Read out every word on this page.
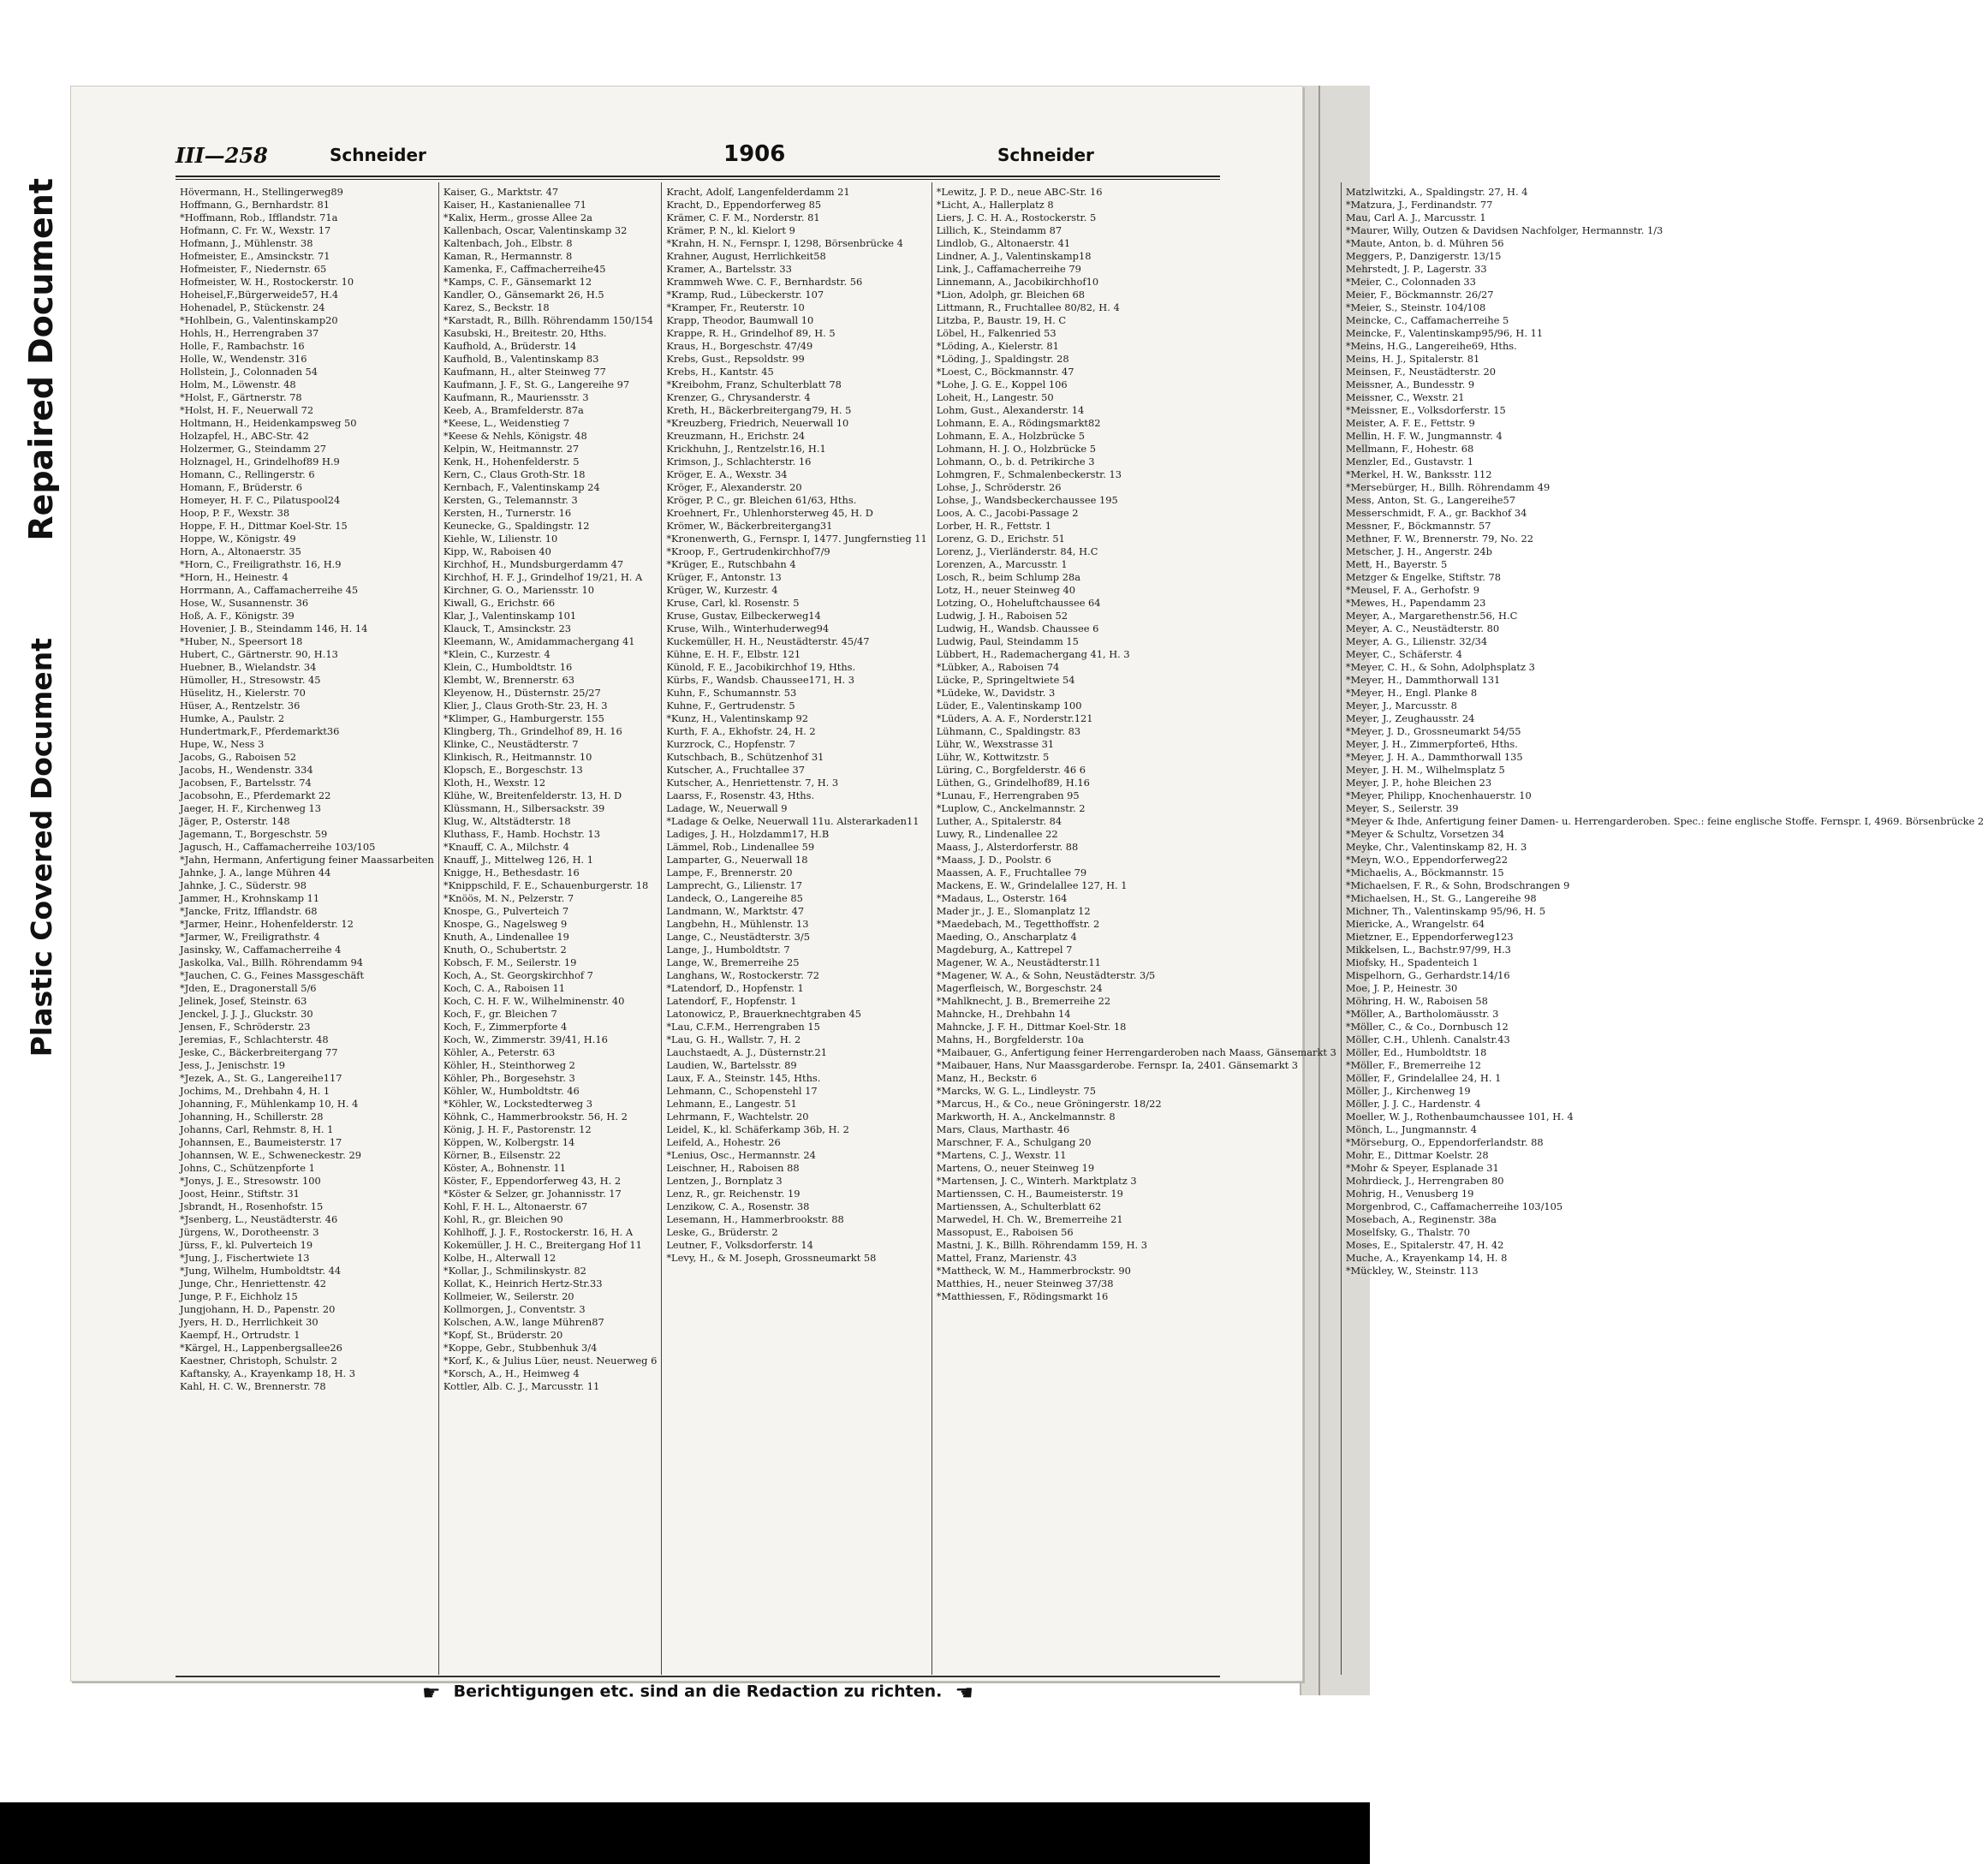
Repaired Document
Plastic Covered Document
III—258	Schneider	1906	Schneider
Hövermann, H., Stellingerweg89
Hoffmann, G., Bernhardstr. 81
*Hoffmann, Rob., Ifflandstr. 71a
Hofmann, C. Fr. W., Wexstr. 17
Hofmann, J., Mühlenstr. 38
Hofmeister, E., Amsinckstr. 71
Hofmeister, F., Niedernstr. 65
Hofmeister, W. H., Rostockerstr. 10
Hoheisel,F.,Bürgerweide57, H.4
Hohenadel, P., Stückenstr. 24
*Hohlbein, G., Valentinskamp20
Hohls, H., Herrengraben 37
Holle, F., Rambachstr. 16
Holle, W., Wendenstr. 316
Hollstein, J., Colonnaden 54
Holm, M., Löwenstr. 48
*Holst, F., Gärtnerstr. 78
*Holst, H. F., Neuerwall 72
Holtmann, H., Heidenkampsweg 50
Holzapfel, H., ABC-Str. 42
Holzermer, G., Steindamm 27
Holznagel, H., Grindelhof89 H.9
Homann, C., Rellingerstr. 6
Homann, F., Brüderstr. 6
Homeyer, H. F. C., Pilatuspool24
Hoop, P. F., Wexstr. 38
Hoppe, F. H., Dittmar Koel-Str. 15
Hoppe, W., Königstr. 49
Horn, A., Altonaerstr. 35
*Horn, C., Freiligrathstr. 16, H.9
*Horn, H., Heinestr. 4
Horrmann, A., Caffamacherreihe 45
Hose, W., Susannenstr. 36
Hoß, A. F., Königstr. 39
Hovenier, J. B., Steindamm 146, H. 14
*Huber, N., Speersort 18
Hubert, C., Gärtnerstr. 90, H.13
Huebner, B., Wielandstr. 34
Hümoller, H., Stresowstr. 45
Hüselitz, H., Kielerstr. 70
Hüser, A., Rentzelstr. 36
Humke, A., Paulstr. 2
Hundertmark,F., Pferdemarkt36
Hupe, W., Ness 3
Jacobs, G., Raboisen 52
Jacobs, H., Wendenstr. 334
Jacobsen, F., Bartelsstr. 74
Jacobsohn, E., Pferdemarkt 22
Jaeger, H. F., Kirchenweg 13
Jäger, P., Osterstr. 148
Jagemann, T., Borgeschstr. 59
Jagusch, H., Caffamacherreihe 103/105
*Jahn, Hermann, Anfertigung feiner Maassarbeiten
Jahnke, J. A., lange Mühren 44
Jahnke, J. C., Süderstr. 98
Jammer, H., Krohnskamp 11
*Jancke, Fritz, Ifflandstr. 68
*Jarmer, Heinr., Hohenfelderstr. 12
*Jarmer, W., Freiligrathstr. 4
Jasinsky, W., Caffamacherreihe 4
Jaskolka, Val., Billh. Röhrendamm 94
*Jauchen, C. G., Feines Massgeschäft
*Jden, E., Dragonerstall 5/6
Jelinek, Josef, Steinstr. 63
Jenckel, J. J. J., Gluckstr. 30
Jensen, F., Schröderstr. 23
Jeremias, F., Schlachterstr. 48
Jeske, C., Bäckerbreitergang 77
Jess, J., Jenischstr. 19
*Jezek, A., St. G., Langereihe117
Jochims, M., Drehbahn 4, H. 1
Johanning, F., Mühlenkamp 10, H. 4
Johanning, H., Schillerstr. 28
Johanns, Carl, Rehmstr. 8, H. 1
Johannsen, E., Baumeisterstr. 17
Johannsen, W. E., Schweneckestr. 29
Johns, C., Schützenpforte 1
*Jonys, J. E., Stresowstr. 100
Joost, Heinr., Stiftstr. 31
Jsbrandt, H., Rosenhofstr. 15
*Jsenberg, L., Neustädterstr. 46
Jürgens, W., Dorotheenstr. 3
Jürss, F., kl. Pulverteich 19
*Jung, J., Fischertwiete 13
*Jung, Wilhelm, Humboldtstr. 44
Junge, Chr., Henriettenstr. 42
Junge, P. F., Eichholz 15
Jungjohann, H. D., Papenstr. 20
Jyers, H. D., Herrlichkeit 30
Kaempf, H., Ortrudstr. 1
*Kärgel, H., Lappenbergsallee26
Kaestner, Christoph, Schulstr. 2
Kaftansky, A., Krayenkamp 18, H. 3
Kahl, H. C. W., Brennerstr. 78
Kaiser, G., Marktstr. 47
Kaiser, H., Kastanienallee 71
*Kalix, Herm., grosse Allee 2a
Kallenbach, Oscar, Valentinskamp 32
Kaltenbach, Joh., Elbstr. 8
Kaman, R., Hermannstr. 8
Kamenka, F., Caffmacherreihe45
*Kamps, C. F., Gänsemarkt 12
Kandler, O., Gänsemarkt 26, H.5
Karez, S., Beckstr. 18
*Karstadt, R., Billh. Röhrendamm 150/154
Kasubski, H., Breitestr. 20, Hths.
Kaufhold, A., Brüderstr. 14
Kaufhold, B., Valentinskamp 83
Kaufmann, H., alter Steinweg 77
Kaufmann, J. F., St. G., Langereihe 97
Kaufmann, R., Mauriensstr. 3
Keeb, A., Bramfelderstr. 87a
*Keese, L., Weidenstieg 7
*Keese & Nehls, Königstr. 48
Kelpin, W., Heitmannstr. 27
Kenk, H., Hohenfelderstr. 5
Kern, C., Claus Groth-Str. 18
Kernbach, F., Valentinskamp 24
Kersten, G., Telemannstr. 3
Kersten, H., Turnerstr. 16
Keunecke, G., Spaldingstr. 12
Kiehle, W., Lilienstr. 10
Kipp, W., Raboisen 40
Kirchhof, H., Mundsburgerdamm 47
Kirchhof, H. F. J., Grindelhof 19/21, H. A
Kirchner, G. O., Mariensstr. 10
Kiwall, G., Erichstr. 66
Klar, J., Valentinskamp 101
Klauck, T., Amsinckstr. 23
Kleemann, W., Amidammachergang 41
*Klein, C., Kurzestr. 4
Klein, C., Humboldtstr. 16
Klembt, W., Brennerstr. 63
Kleyenow, H., Düsternstr. 25/27
Klier, J., Claus Groth-Str. 23, H. 3
*Klimper, G., Hamburgerstr. 155
Klingberg, Th., Grindelhof 89, H. 16
Klinke, C., Neustädterstr. 7
Klinkisch, R., Heitmannstr. 10
Klopsch, E., Borgeschstr. 13
Kloth, H., Wexstr. 12
Klühe, W., Breitenfelderstr. 13, H. D
Klüssmann, H., Silbersackstr. 39
Klug, W., Altstädterstr. 18
Kluthass, F., Hamb. Hochstr. 13
*Knauff, C. A., Milchstr. 4
Knauff, J., Mittelweg 126, H. 1
Knigge, H., Bethesdastr. 16
*Knippschild, F. E., Schauenburgerstr. 18
*Knöös, M. N., Pelzerstr. 7
Knospe, G., Pulverteich 7
Knospe, G., Nagelsweg 9
Knuth, A., Lindenallee 19
Knuth, O., Schubertstr. 2
Kobsch, F. M., Seilerstr. 19
Koch, A., St. Georgskirchhof 7
Koch, C. A., Raboisen 11
Koch, C. H. F. W., Wilhelminenstr. 40
Koch, F., gr. Bleichen 7
Koch, F., Zimmerpforte 4
Koch, W., Zimmerstr. 39/41, H.16
Köhler, A., Peterstr. 63
Köhler, H., Steinthorweg 2
Köhler, Ph., Borgesehstr. 3
Köhler, W., Humboldtstr. 46
*Köhler, W., Lockstedterweg 3
Köhnk, C., Hammerbrookstr. 56, H. 2
König, J. H. F., Pastorenstr. 12
Köppen, W., Kolbergstr. 14
Körner, B., Eilsenstr. 22
Köster, A., Bohnenstr. 11
Köster, F., Eppendorferweg 43, H. 2
*Köster & Selzer, gr. Johannisstr. 17
Kohl, F. H. L., Altonaerstr. 67
Kohl, R., gr. Bleichen 90
Kohlhoff, J. J. F., Rostockerstr. 16, H. A
Kokemüller, J. H. C., Breitergang Hof 11
Kolbe, H., Alterwall 12
*Kollar, J., Schmilinskystr. 82
Kollat, K., Heinrich Hertz-Str.33
Kollmeier, W., Seilerstr. 20
Kollmorgen, J., Conventstr. 3
Kolschen, A.W., lange Mühren87
*Kopf, St., Brüderstr. 20
*Koppe, Gebr., Stubbenhuk 3/4
*Korf, K., & Julius Lüer, neust. Neuerweg 6
*Korsch, A., H., Heimweg 4
Kottler, Alb. C. J., Marcusstr. 11
Kracht, Adolf, Langenfelderdamm 21
Kracht, D., Eppendorferweg 85
Krämer, C. F. M., Norderstr. 81
Krämer, P. N., kl. Kielort 9
*Krahn, H. N., Fernspr. I, 1298, Börsenbrücke 4
Krahner, August, Herrlichkeit58
Kramer, A., Bartelsstr. 33
Krammweh Wwe. C. F., Bernhardstr. 56
*Kramp, Rud., Lübeckerstr. 107
*Kramper, Fr., Reuterstr. 10
Krapp, Theodor, Baumwall 10
Krappe, R. H., Grindelhof 89, H. 5
Kraus, H., Borgeschstr. 47/49
Krebs, Gust., Repsoldstr. 99
Krebs, H., Kantstr. 45
*Kreibohm, Franz, Schulterblatt 78
Krenzer, G., Chrysanderstr. 4
Kreth, H., Bäckerbreitergang79, H. 5
*Kreuzberg, Friedrich, Neuerwall 10
Kreuzmann, H., Erichstr. 24
Krickhuhn, J., Rentzelstr.16, H.1
Krimson, J., Schlachterstr. 16
Kröger, E. A., Wexstr. 34
Kröger, F., Alexanderstr. 20
Kröger, P. C., gr. Bleichen 61/63, Hths.
Kroehnert, Fr., Uhlenhorsterweg 45, H. D
Krömer, W., Bäckerbreitergang31
*Kronenwerth, G., Fernspr. I, 1477. Jungfernstieg 11
*Kroop, F., Gertrudenkirchhof7/9
*Krüger, E., Rutschbahn 4
Krüger, F., Antonstr. 13
Krüger, W., Kurzestr. 4
Kruse, Carl, kl. Rosenstr. 5
Kruse, Gustav, Eilbeckerweg14
Kruse, Wilh., Winterhuderweg94
Kuckemüller, H. H., Neustädterstr. 45/47
Kühne, E. H. F., Elbstr. 121
Künold, F. E., Jacobikirchhof 19, Hths.
Kürbs, F., Wandsb. Chaussee171, H. 3
Kuhn, F., Schumannstr. 53
Kuhne, F., Gertrudenstr. 5
*Kunz, H., Valentinskamp 92
Kurth, F. A., Ekhofstr. 24, H. 2
Kurzrock, C., Hopfenstr. 7
Kutschbach, B., Schützenhof 31
Kutscher, A., Fruchtallee 37
Kutscher, A., Henriettenstr. 7, H. 3
Laarss, F., Rosenstr. 43, Hths.
Ladage, W., Neuerwall 9
*Ladage & Oelke, Neuerwall 11u. Alsterarkaden11
Ladiges, J. H., Holzdamm17, H.B
Lämmel, Rob., Lindenallee 59
Lamparter, G., Neuerwall 18
Lampe, F., Brennerstr. 20
Lamprecht, G., Lilienstr. 17
Landeck, O., Langereihe 85
Landmann, W., Marktstr. 47
Langbehn, H., Mühlenstr. 13
Lange, C., Neustädterstr. 3/5
Lange, J., Humboldtstr. 7
Lange, W., Bremerreihe 25
Langhans, W., Rostockerstr. 72
*Latendorf, D., Hopfenstr. 1
Latendorf, F., Hopfenstr. 1
Latonowicz, P., Brauerknechtgraben 45
*Lau, C.F.M., Herrengraben 15
*Lau, G. H., Wallstr. 7, H. 2
Lauchstaedt, A. J., Düsternstr.21
Laudien, W., Bartelsstr. 89
Laux, F. A., Steinstr. 145, Hths.
Lehmann, C., Schopenstehl 17
Lehmann, E., Langestr. 51
Lehrmann, F., Wachtelstr. 20
Leidel, K., kl. Schäferkamp 36b, H. 2
Leifeld, A., Hohestr. 26
*Lenius, Osc., Hermannstr. 24
Leischner, H., Raboisen 88
Lentzen, J., Bornplatz 3
Lenz, R., gr. Reichenstr. 19
Lenzikow, C. A., Rosenstr. 38
Lesemann, H., Hammerbrookstr. 88
Leske, G., Brüderstr. 2
Leutner, F., Volksdorferstr. 14
*Levy, H., & M. Joseph, Grossneumarkt 58
*Lewitz, J. P. D., neue ABC-Str. 16
*Licht, A., Hallerplatz 8
Liers, J. C. H. A., Rostockerstr. 5
Lillich, K., Steindamm 87
Lindlob, G., Altonaerstr. 41
Lindner, A. J., Valentinskamp18
Link, J., Caffamacherreihe 79
Linnemann, A., Jacobikirchhof10
*Lion, Adolph, gr. Bleichen 68
Littmann, R., Fruchtallee 80/82, H. 4
Litzba, P., Baustr. 19, H. C
Löbel, H., Falkenried 53
*Löding, A., Kielerstr. 81
*Löding, J., Spaldingstr. 28
*Loest, C., Böckmannstr. 47
*Lohe, J. G. E., Koppel 106
Loheit, H., Langestr. 50
Lohm, Gust., Alexanderstr. 14
Lohmann, E. A., Rödingsmarkt82
Lohmann, E. A., Holzbrücke 5
Lohmann, H. J. O., Holzbrücke 5
Lohmann, O., b. d. Petrikirche 3
Lohmgren, F., Schmalenbeckerstr. 13
Lohse, J., Schröderstr. 26
Lohse, J., Wandsbeckerchaussee 195
Loos, A. C., Jacobi-Passage 2
Lorber, H. R., Fettstr. 1
Lorenz, G. D., Erichstr. 51
Lorenz, J., Vierländerstr. 84, H.C
Lorenzen, A., Marcusstr. 1
Losch, R., beim Schlump 28a
Lotz, H., neuer Steinweg 40
Lotzing, O., Hoheluftchaussee 64
Ludwig, J. H., Raboisen 52
Ludwig, H., Wandsb. Chaussee 6
Ludwig, Paul, Steindamm 15
Lübbert, H., Rademachergang 41, H. 3
*Lübker, A., Raboisen 74
Lücke, P., Springeltwiete 54
*Lüdeke, W., Davidstr. 3
Lüder, E., Valentinskamp 100
*Lüders, A. A. F., Norderstr.121
Lühmann, C., Spaldingstr. 83
Lühr, W., Wexstrasse 31
Lühr, W., Kottwitzstr. 5
Lüring, C., Borgfelderstr. 46 6
Lüthen, G., Grindelhof89, H.16
*Lunau, F., Herrengraben 95
*Luplow, C., Anckelmannstr. 2
Luther, A., Spitalerstr. 84
Luwy, R., Lindenallee 22
Maass, J., Alsterdorferstr. 88
*Maass, J. D., Poolstr. 6
Maassen, A. F., Fruchtallee 79
Mackens, E. W., Grindelallee 127, H. 1
*Madaus, L., Osterstr. 164
Mader jr., J. E., Slomanplatz 12
*Maedebach, M., Tegetthoffstr. 2
Maeding, O., Anscharplatz 4
Magdeburg, A., Kattrepel 7
Magener, W. A., Neustädterstr.11
*Magener, W. A., & Sohn, Neustädterstr. 3/5
Magerfleisch, W., Borgeschstr. 24
*Mahlknecht, J. B., Bremerreihe 22
Mahncke, H., Drehbahn 14
Mahncke, J. F. H., Dittmar Koel-Str. 18
Mahns, H., Borgfelderstr. 10a
*Maibauer, G., Anfertigung feiner Herrengarderoben nach Maass, Gänsemarkt 3
*Maibauer, Hans, Nur Maassgarderobe. Fernspr. Ia, 2401. Gänsemarkt 3
Manz, H., Beckstr. 6
*Marcks, W. G. L., Lindleystr. 75
*Marcus, H., & Co., neue Gröningerstr. 18/22
Markworth, H. A., Anckelmannstr. 8
Mars, Claus, Marthastr. 46
Marschner, F. A., Schulgang 20
*Martens, C. J., Wexstr. 11
Martens, O., neuer Steinweg 19
*Martensen, J. C., Winterh. Marktplatz 3
Martienssen, C. H., Baumeisterstr. 19
Martienssen, A., Schulterblatt 62
Marwedel, H. Ch. W., Bremerreihe 21
Massopust, E., Raboisen 56
Mastni, J. K., Billh. Röhrendamm 159, H. 3
Mattel, Franz, Marienstr. 43
*Mattheck, W. M., Hammerbrockstr. 90
Matthies, H., neuer Steinweg 37/38
*Matthiessen, F., Rödingsmarkt 16
Matzlwitzki, A., Spaldingstr. 27, H. 4
*Matzura, J., Ferdinandstr. 77
Mau, Carl A. J., Marcusstr. 1
*Maurer, Willy, Outzen & Davidsen Nachfolger, Hermannstr. 1/3
*Maute, Anton, b. d. Mühren 56
Meggers, P., Danzigerstr. 13/15
Mehrstedt, J. P., Lagerstr. 33
*Meier, C., Colonnaden 33
Meier, F., Böckmannstr. 26/27
*Meier, S., Steinstr. 104/108
Meincke, C., Caffamacherreihe 5
Meincke, F., Valentinskamp95/96, H. 11
*Meins, H.G., Langereihe69, Hths.
Meins, H. J., Spitalerstr. 81
Meinsen, F., Neustädterstr. 20
Meissner, A., Bundesstr. 9
Meissner, C., Wexstr. 21
*Meissner, E., Volksdorferstr. 15
Meister, A. F. E., Fettstr. 9
Mellin, H. F. W., Jungmannstr. 4
Mellmann, F., Hohestr. 68
Menzler, Ed., Gustavstr. 1
*Merkel, H. W., Banksstr. 112
*Mersebürger, H., Billh. Röhrendamm 49
Mess, Anton, St. G., Langereihe57
Messerschmidt, F. A., gr. Backhof 34
Messner, F., Böckmannstr. 57
Methner, F. W., Brennerstr. 79, No. 22
Metscher, J. H., Angerstr. 24b
Mett, H., Bayerstr. 5
Metzger & Engelke, Stiftstr. 78
*Meusel, F. A., Gerhofstr. 9
*Mewes, H., Papendamm 23
Meyer, A., Margarethenstr.56, H.C
Meyer, A. C., Neustädterstr. 80
Meyer, A. G., Lilienstr. 32/34
Meyer, C., Schäferstr. 4
*Meyer, C. H., & Sohn, Adolphsplatz 3
*Meyer, H., Dammthorwall 131
*Meyer, H., Engl. Planke 8
Meyer, J., Marcusstr. 8
Meyer, J., Zeughausstr. 24
*Meyer, J. D., Grossneumarkt 54/55
Meyer, J. H., Zimmerpforte6, Hths.
*Meyer, J. H. A., Dammthorwall 135
Meyer, J. H. M., Wilhelmsplatz 5
Meyer, J. P., hohe Bleichen 23
*Meyer, Philipp, Knochenhauerstr. 10
Meyer, S., Seilerstr. 39
*Meyer & Ihde, Anfertigung feiner Damen- u. Herrengarderoben. Spec.: feine englische Stoffe. Fernspr. I, 4969. Börsenbrücke 2
*Meyer & Schultz, Vorsetzen 34
Meyke, Chr., Valentinskamp 82, H. 3
*Meyn, W.O., Eppendorferweg22
*Michaelis, A., Böckmannstr. 15
*Michaelsen, F. R., & Sohn, Brodschrangen 9
*Michaelsen, H., St. G., Langereihe 98
Michner, Th., Valentinskamp 95/96, H. 5
Miericke, A., Wrangelstr. 64
Mietzner, E., Eppendorferweg123
Mikkelsen, L., Bachstr.97/99, H.3
Miofsky, H., Spadenteich 1
Mispelhorn, G., Gerhardstr.14/16
Moe, J. P., Heinestr. 30
Möhring, H. W., Raboisen 58
*Möller, A., Bartholomäusstr. 3
*Möller, C., & Co., Dornbusch 12
Möller, C.H., Uhlenh. Canalstr.43
Möller, Ed., Humboldtstr. 18
*Möller, F., Bremerreihe 12
Möller, F., Grindelallee 24, H. 1
Möller, J., Kirchenweg 19
Möller, J. J. C., Hardenstr. 4
Moeller, W. J., Rothenbaumchaussee 101, H. 4
Mönch, L., Jungmannstr. 4
*Mörseburg, O., Eppendorferlandstr. 88
Mohr, E., Dittmar Koelstr. 28
*Mohr & Speyer, Esplanade 31
Mohrdieck, J., Herrengraben 80
Mohrig, H., Venusberg 19
Morgenbrod, C., Caffamacherreihe 103/105
Mosebach, A., Reginenstr. 38a
Moselfsky, G., Thalstr. 70
Moses, E., Spitalerstr. 47, H. 42
Muche, A., Krayenkamp 14, H. 8
*Mückley, W., Steinstr. 113
☛ Berichtigungen etc. sind an die Redaction zu richten. ☚
